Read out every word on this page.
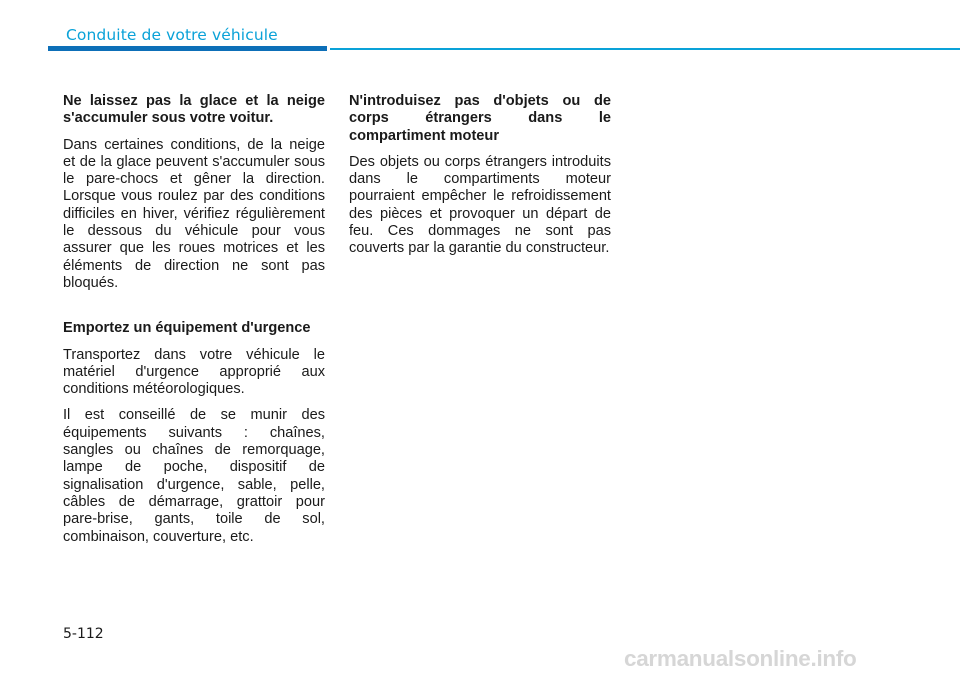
Conduite de votre véhicule
Ne laissez pas la glace et la neige s'accumuler sous votre voitur.
Dans certaines conditions, de la neige et de la glace peuvent s'accumuler sous le pare-chocs et gêner la direction. Lorsque vous roulez par des conditions difficiles en hiver, vérifiez régulièrement le dessous du véhicule pour vous assurer que les roues motrices et les éléments de direction ne sont pas bloqués.
Emportez un équipement d'urgence
Transportez dans votre véhicule le matériel d'urgence approprié aux conditions météorologiques.
Il est conseillé de se munir des équipements suivants : chaînes, sangles ou chaînes de remorquage, lampe de poche, dispositif de signalisation d'urgence, sable, pelle, câbles de démarrage, grattoir pour pare-brise, gants, toile de sol, combinaison, couverture, etc.
N'introduisez pas d'objets ou de corps étrangers dans le compartiment moteur
Des objets ou corps étrangers introduits dans le compartiments moteur pourraient empêcher le refroidissement des pièces et provoquer un départ de feu. Ces dommages ne sont pas couverts par la garantie du constructeur.
5-112
carmanualsonline.info
